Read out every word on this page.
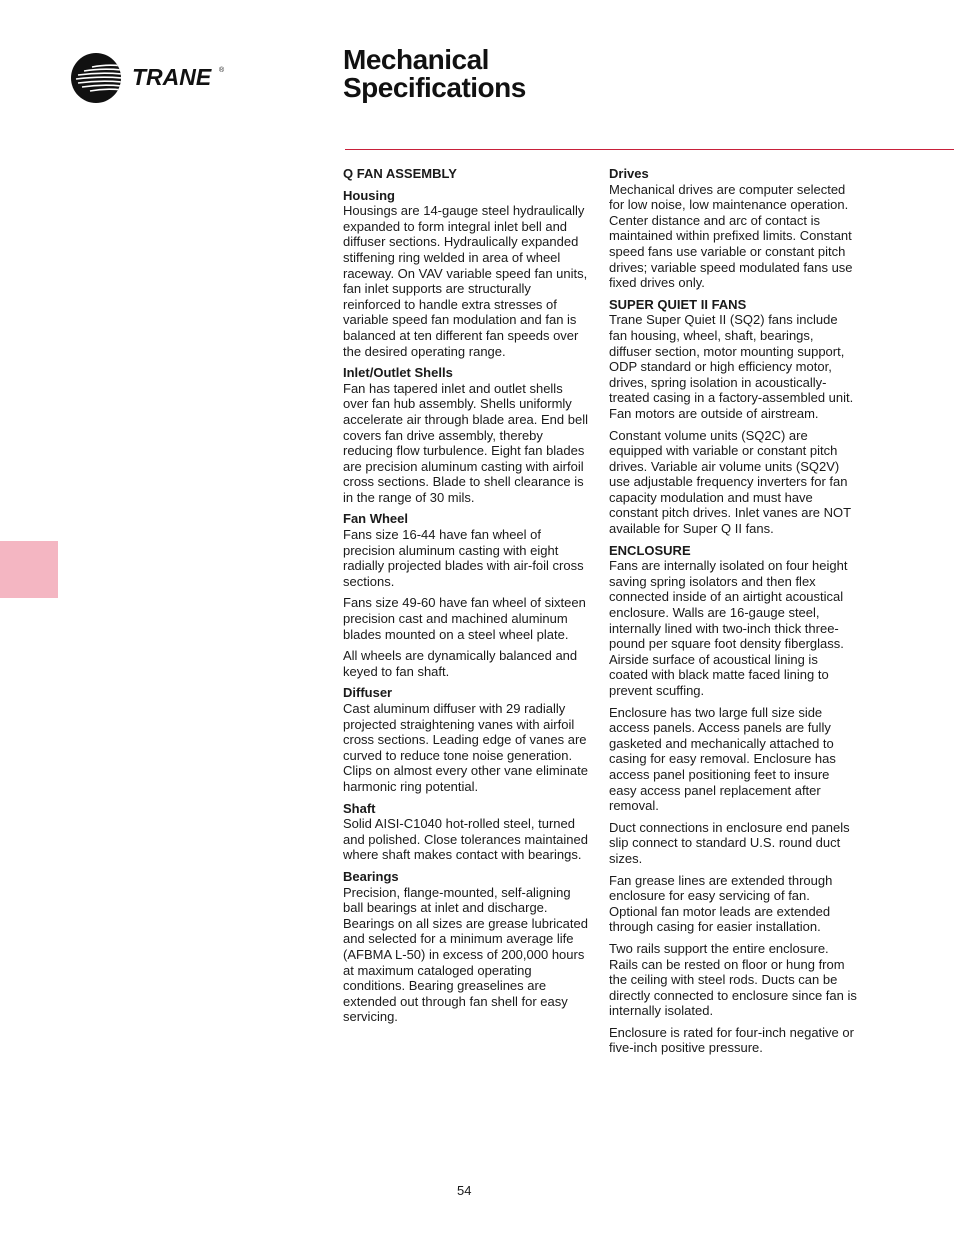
TRANE ®	Mechanical
Specifications
Q FAN ASSEMBLY
Housing
Housings are 14-gauge steel hydraulically expanded to form integral inlet bell and diffuser sections. Hydraulically expanded stiffening ring welded in area of wheel raceway. On VAV variable speed fan units, fan inlet supports are structurally reinforced to handle extra stresses of variable speed fan modulation and fan is balanced at ten different fan speeds over the desired operating range.
Inlet/Outlet Shells
Fan has tapered inlet and outlet shells over fan hub assembly. Shells uniformly accelerate air through blade area. End bell covers fan drive assembly, thereby reducing flow turbulence. Eight fan blades are precision aluminum casting with airfoil cross sections. Blade to shell clearance is in the range of 30 mils.
Fan Wheel
Fans size 16-44 have fan wheel of precision aluminum casting with eight radially projected blades with air-foil cross sections.
Fans size 49-60 have fan wheel of sixteen precision cast and machined aluminum blades mounted on a steel wheel plate.
All wheels are dynamically balanced and keyed to fan shaft.
Diffuser
Cast aluminum diffuser with 29 radially projected straightening vanes with airfoil cross sections. Leading edge of vanes are curved to reduce tone noise generation. Clips on almost every other vane eliminate harmonic ring potential.
Shaft
Solid AISI-C1040 hot-rolled steel, turned and polished. Close tolerances maintained where shaft makes contact with bearings.
Bearings
Precision, flange-mounted, self-aligning ball bearings at inlet and discharge. Bearings on all sizes are grease lubricated and selected for a minimum average life (AFBMA L-50) in excess of 200,000 hours at maximum cataloged operating conditions. Bearing greaselines are extended out through fan shell for easy servicing.
Drives
Mechanical drives are computer selected for low noise, low maintenance operation. Center distance and arc of contact is maintained within prefixed limits. Constant speed fans use variable or constant pitch drives; variable speed modulated fans use fixed drives only.
SUPER QUIET II FANS
Trane Super Quiet II (SQ2) fans include fan housing, wheel, shaft, bearings, diffuser section, motor mounting support, ODP standard or high efficiency motor, drives, spring isolation in acoustically-treated casing in a factory-assembled unit. Fan motors are outside of airstream.
Constant volume units (SQ2C) are equipped with variable or constant pitch drives. Variable air volume units (SQ2V) use adjustable frequency inverters for fan capacity modulation and must have constant pitch drives. Inlet vanes are NOT available for Super Q II fans.
ENCLOSURE
Fans are internally isolated on four height saving spring isolators and then flex connected inside of an airtight acoustical enclosure. Walls are 16-gauge steel, internally lined with two-inch thick three-pound per square foot density fiberglass. Airside surface of acoustical lining is coated with black matte faced lining to prevent scuffing.
Enclosure has two large full size side access panels. Access panels are fully gasketed and mechanically attached to casing for easy removal. Enclosure has access panel positioning feet to insure easy access panel replacement after removal.
Duct connections in enclosure end panels slip connect to standard U.S. round duct sizes.
Fan grease lines are extended through enclosure for easy servicing of fan. Optional fan motor leads are extended through casing for easier installation.
Two rails support the entire enclosure. Rails can be rested on floor or hung from the ceiling with steel rods. Ducts can be directly connected to enclosure since fan is internally isolated.
Enclosure is rated for four-inch negative or five-inch positive pressure.
54
